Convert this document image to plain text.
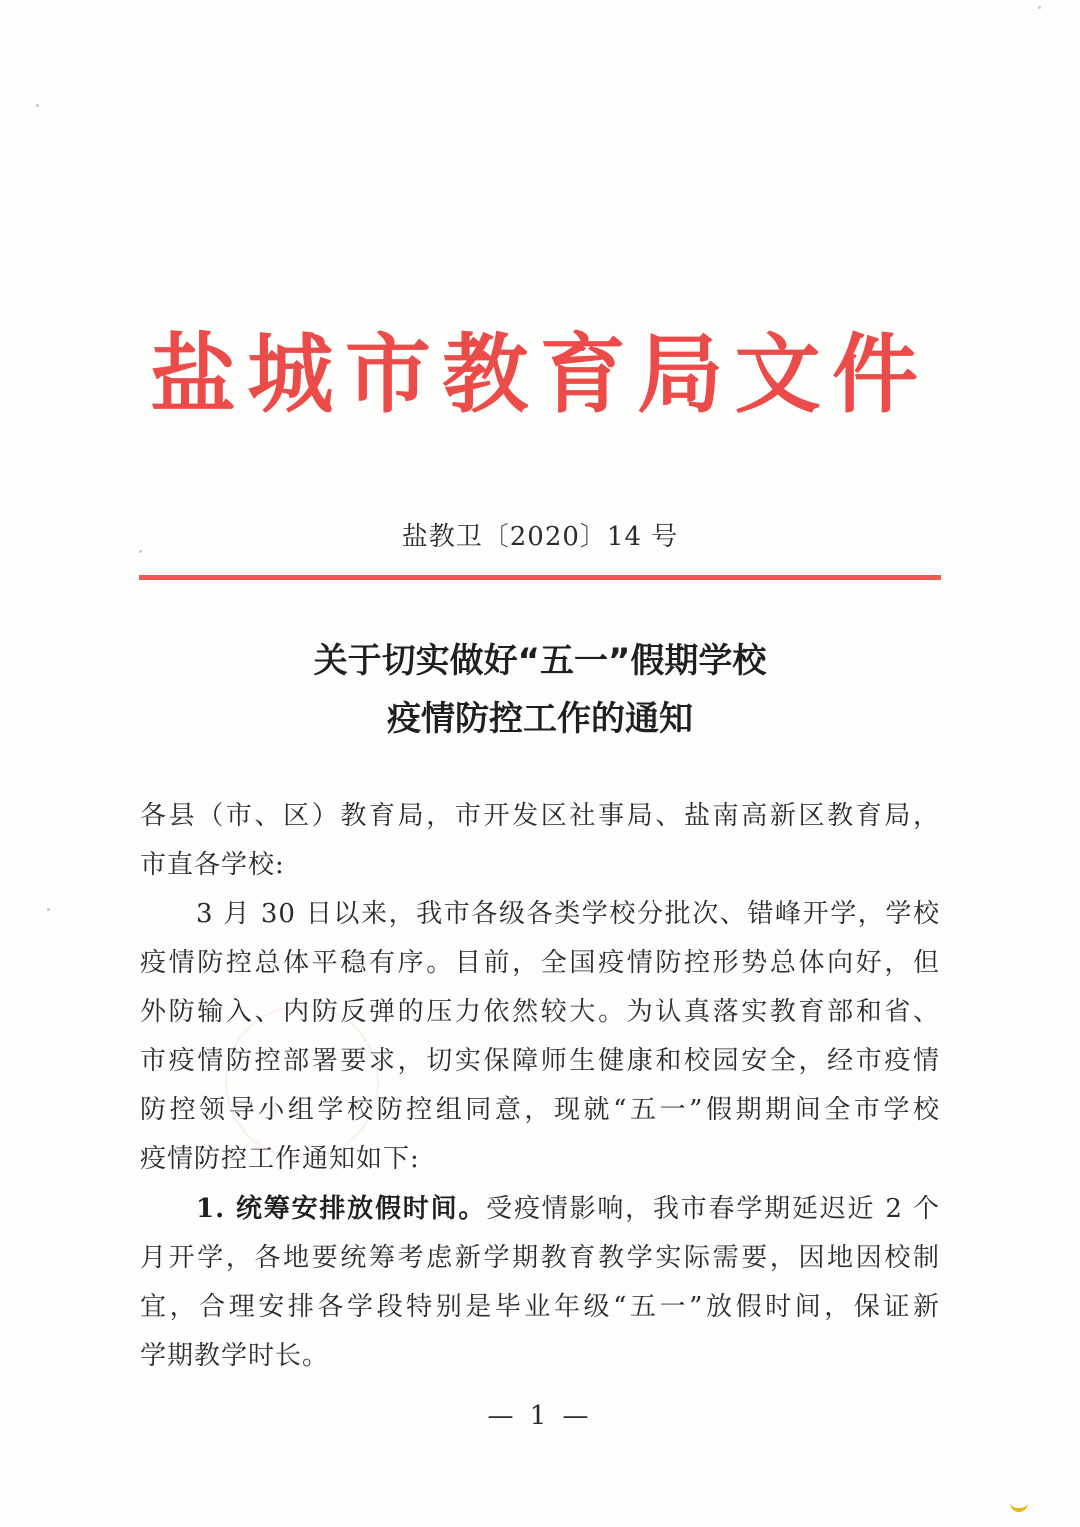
盐城市教育局文件
盐教卫〔2020〕14 号
关于切实做好“五一”假期学校
疫情防控工作的通知
各县（市、区）教育局，市开发区社事局、盐南高新区教育局，
市直各学校:
3 月 30 日以来，我市各级各类学校分批次、错峰开学，学校
疫情防控总体平稳有序。目前，全国疫情防控形势总体向好，但
外防输入、内防反弹的压力依然较大。为认真落实教育部和省、
市疫情防控部署要求，切实保障师生健康和校园安全，经市疫情
防控领导小组学校防控组同意，现就“五一”假期期间全市学校
疫情防控工作通知如下:
1. 统筹安排放假时间。受疫情影响，我市春学期延迟近 2 个
月开学，各地要统筹考虑新学期教育教学实际需要，因地因校制
宜，合理安排各学段特别是毕业年级“五一”放假时间，保证新
学期教学时长。
— 1 —
